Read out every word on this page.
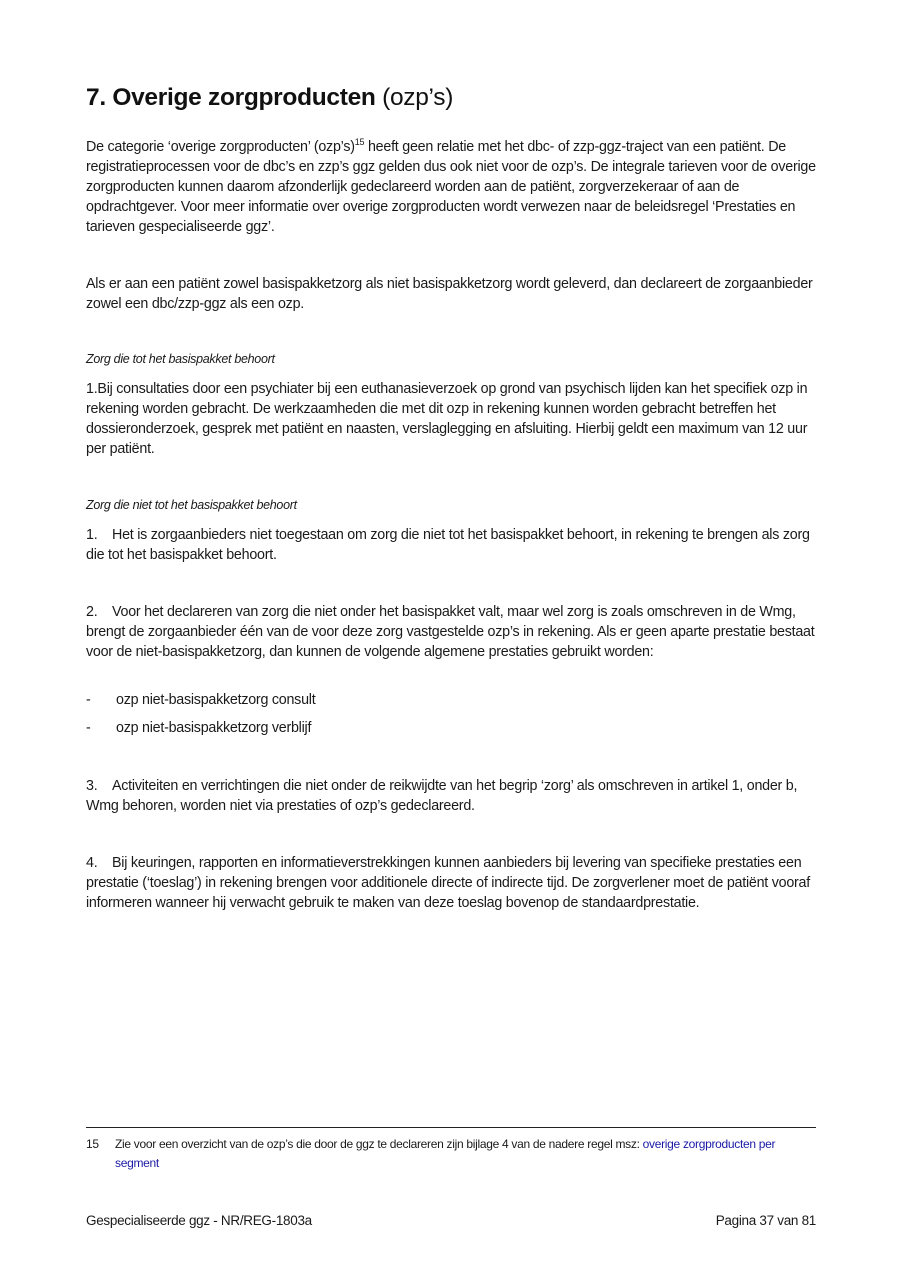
7. Overige zorgproducten (ozp’s)

De categorie ‘overige zorgproducten’ (ozp’s)$^{15}$ heeft geen relatie met het dbc- of zzp-ggz-traject van een patiënt. De registratieprocessen voor de dbc’s en zzp’s ggz gelden dus ook niet voor de ozp’s. De integrale tarieven voor de overige zorgproducten kunnen daarom afzonderlijk gedeclareerd worden aan de patiënt, zorgverzekeraar of aan de opdrachtgever. Voor meer informatie over overige zorgproducten wordt verwezen naar de beleidsregel ‘Prestaties en tarieven gespecialiseerde ggz’.

Als er aan een patiënt zowel basispakketzorg als niet basispakketzorg wordt geleverd, dan declareert de zorgaanbieder zowel een dbc/zzp-ggz als een ozp.

Zorg die tot het basispakket behoort

1.Bij consultaties door een psychiater bij een euthanasieverzoek op grond van psychisch lijden kan het specifiek ozp in rekening worden gebracht. De werkzaamheden die met dit ozp in rekening kunnen worden gebracht betreffen het dossieronderzoek, gesprek met patiënt en naasten, verslaglegging en afsluiting. Hierbij geldt een maximum van 12 uur per patiënt.

Zorg die niet tot het basispakket behoort

1. Het is zorgaanbieders niet toegestaan om zorg die niet tot het basispakket behoort, in rekening te brengen als zorg die tot het basispakket behoort.

2. Voor het declareren van zorg die niet onder het basispakket valt, maar wel zorg is zoals omschreven in de Wmg, brengt de zorgaanbieder één van de voor deze zorg vastgestelde ozp’s in rekening. Als er geen aparte prestatie bestaat voor de niet-basispakketzorg, dan kunnen de volgende algemene prestaties gebruikt worden:

- ozp niet-basispakketzorg consult
- ozp niet-basispakketzorg verblijf

3. Activiteiten en verrichtingen die niet onder de reikwijdte van het begrip ‘zorg’ als omschreven in artikel 1, onder b, Wmg behoren, worden niet via prestaties of ozp’s gedeclareerd.

4. Bij keuringen, rapporten en informatieverstrekkingen kunnen aanbieders bij levering van specifieke prestaties een prestatie (‘toeslag’) in rekening brengen voor additionele directe of indirecte tijd. De zorgverlener moet de patiënt vooraf informeren wanneer hij verwacht gebruik te maken van deze toeslag bovenop de standaardprestatie.

15 Zie voor een overzicht van de ozp’s die door de ggz te declareren zijn bijlage 4 van de nadere regel msz: overige zorgproducten per segment
Gespecialiseerde ggz - NR/REG-1803a	Pagina 37 van 81
